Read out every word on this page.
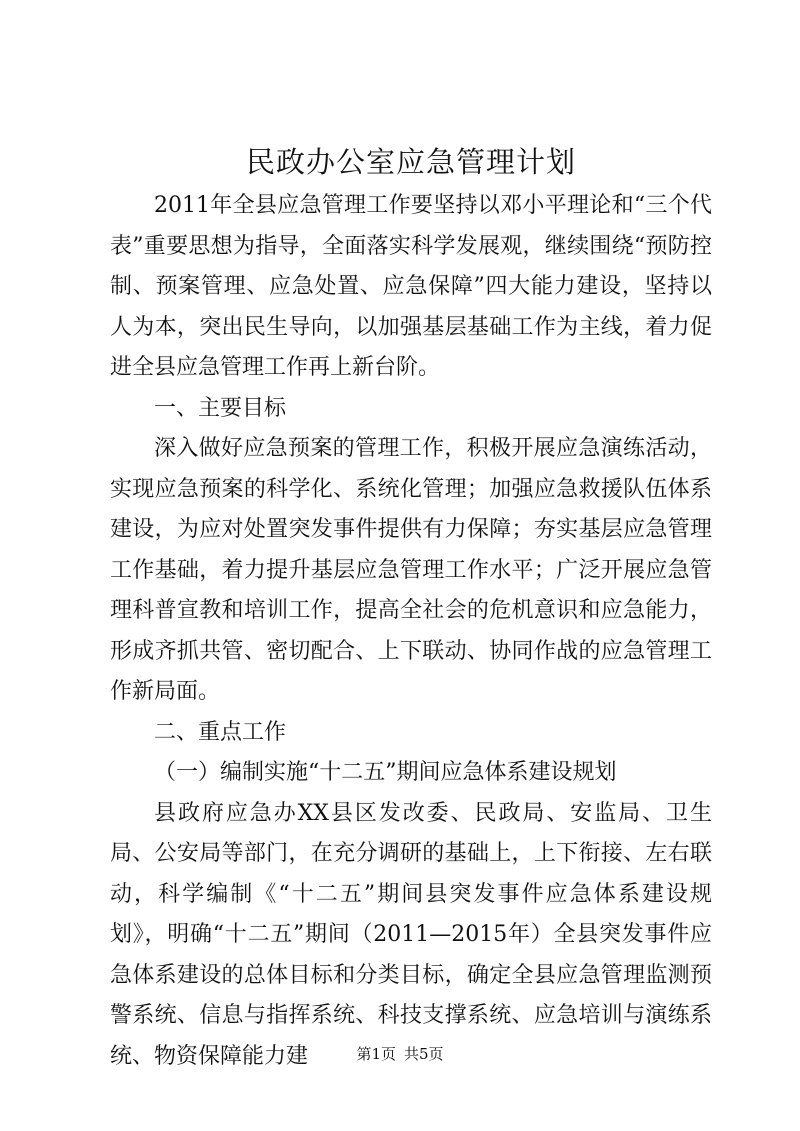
民政办公室应急管理计划

2011年全县应急管理工作要坚持以邓小平理论和“三个代表”重要思想为指导，全面落实科学发展观，继续围绕“预防控制、预案管理、应急处置、应急保障”四大能力建设，坚持以人为本，突出民生导向，以加强基层基础工作为主线，着力促进全县应急管理工作再上新台阶。

一、主要目标

深入做好应急预案的管理工作，积极开展应急演练活动，实现应急预案的科学化、系统化管理；加强应急救援队伍体系建设，为应对处置突发事件提供有力保障；夯实基层应急管理工作基础，着力提升基层应急管理工作水平；广泛开展应急管理科普宣教和培训工作，提高全社会的危机意识和应急能力，形成齐抓共管、密切配合、上下联动、协同作战的应急管理工作新局面。

二、重点工作

（一）编制实施“十二五”期间应急体系建设规划

县政府应急办XX县区发改委、民政局、安监局、卫生局、公安局等部门，在充分调研的基础上，上下衔接、左右联动，科学编制《“十二五”期间县突发事件应急体系建设规划》，明确“十二五”期间（2011—2015年）全县突发事件应急体系建设的总体目标和分类目标，确定全县应急管理监测预警系统、信息与指挥系统、科技支撑系统、应急培训与演练系统、物资保障能力建	第1页 共5页
